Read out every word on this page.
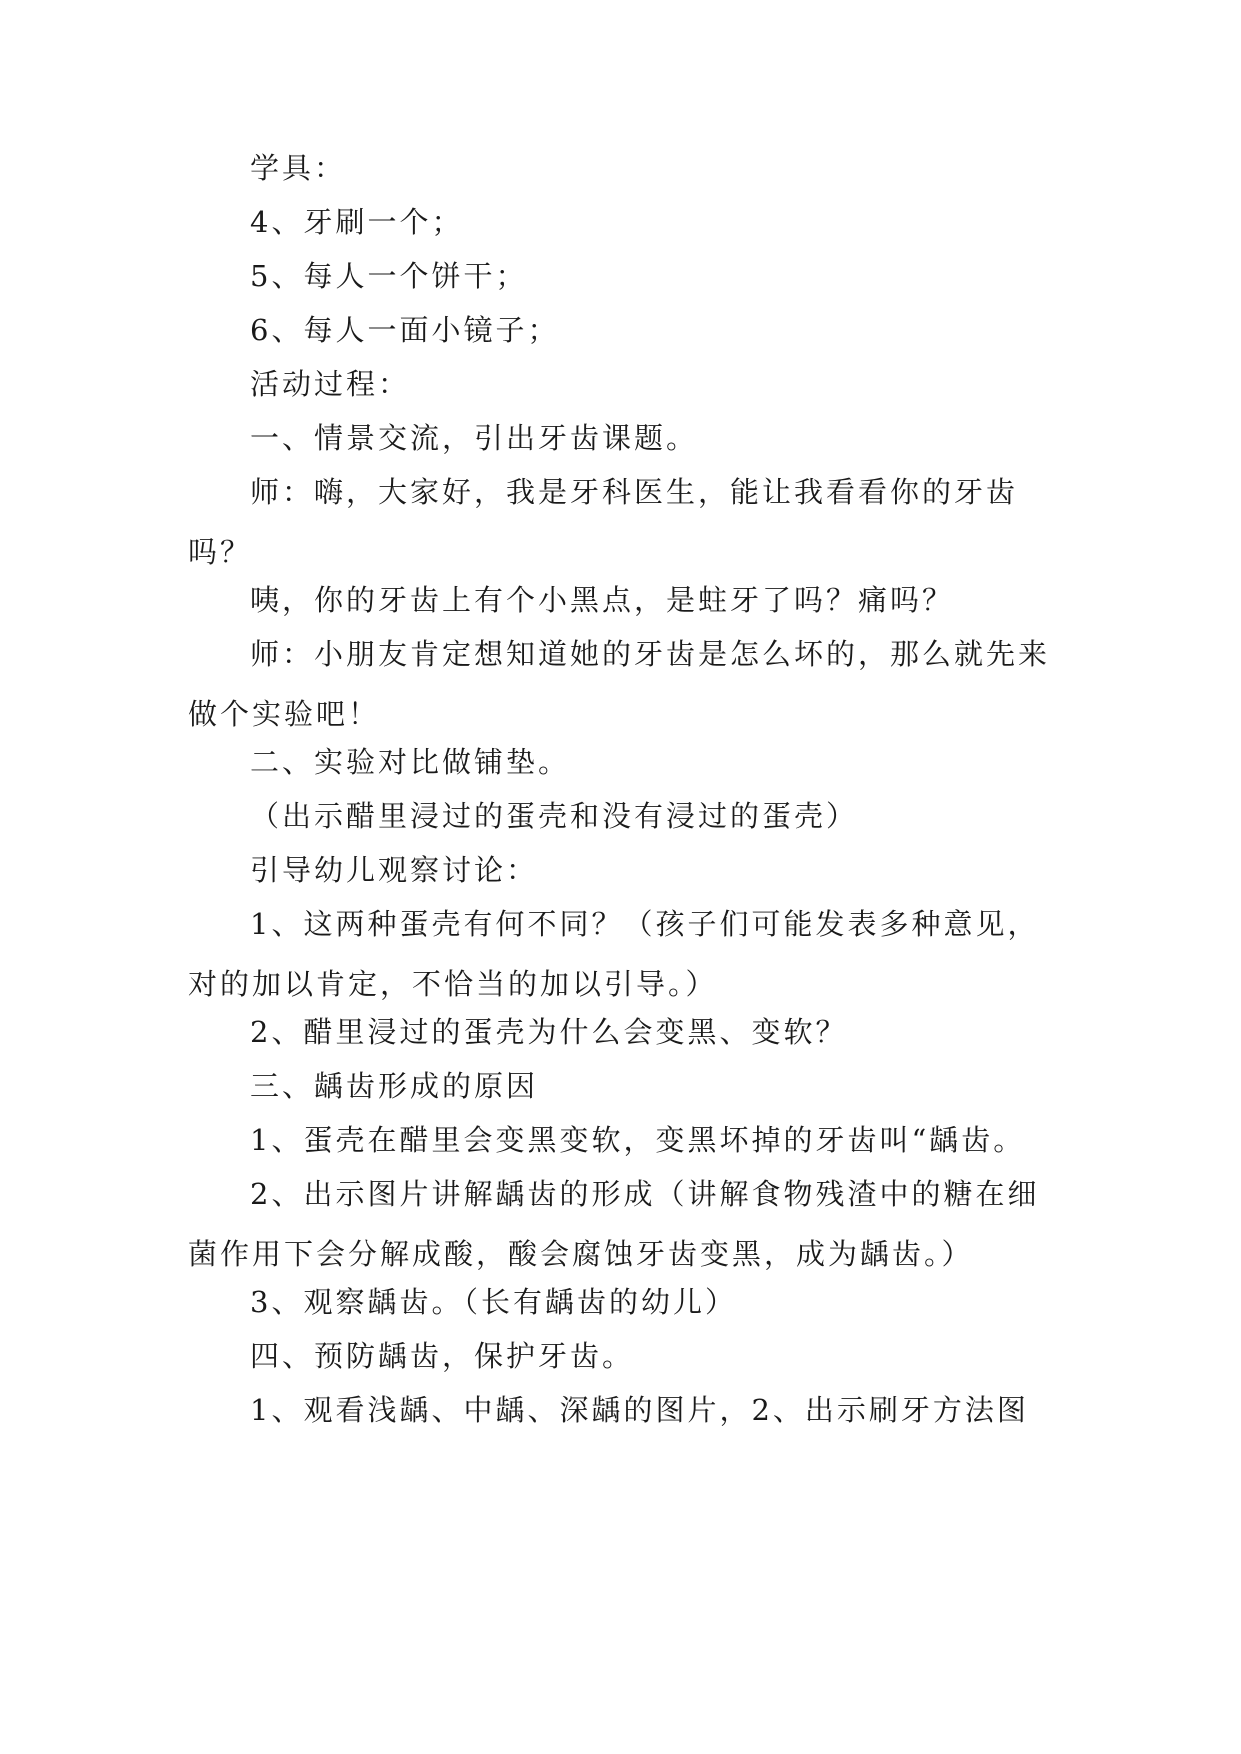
学具：

4、牙刷一个；

5、每人一个饼干；

6、每人一面小镜子；

活动过程：

一、情景交流，引出牙齿课题。

师：嗨，大家好，我是牙科医生，能让我看看你的牙齿吗？

咦，你的牙齿上有个小黑点，是蛀牙了吗？痛吗？

师：小朋友肯定想知道她的牙齿是怎么坏的，那么就先来做个实验吧！

二、实验对比做铺垫。

（出示醋里浸过的蛋壳和没有浸过的蛋壳）

引导幼儿观察讨论：

1、这两种蛋壳有何不同？（孩子们可能发表多种意见，对的加以肯定，不恰当的加以引导。）

2、醋里浸过的蛋壳为什么会变黑、变软？

三、龋齿形成的原因

1、蛋壳在醋里会变黑变软，变黑坏掉的牙齿叫“龋齿。

2、出示图片讲解龋齿的形成（讲解食物残渣中的糖在细菌作用下会分解成酸，酸会腐蚀牙齿变黑，成为龋齿。）

3、观察龋齿。（长有龋齿的幼儿）

四、预防龋齿，保护牙齿。

1、观看浅龋、中龋、深龋的图片，2、出示刷牙方法图
